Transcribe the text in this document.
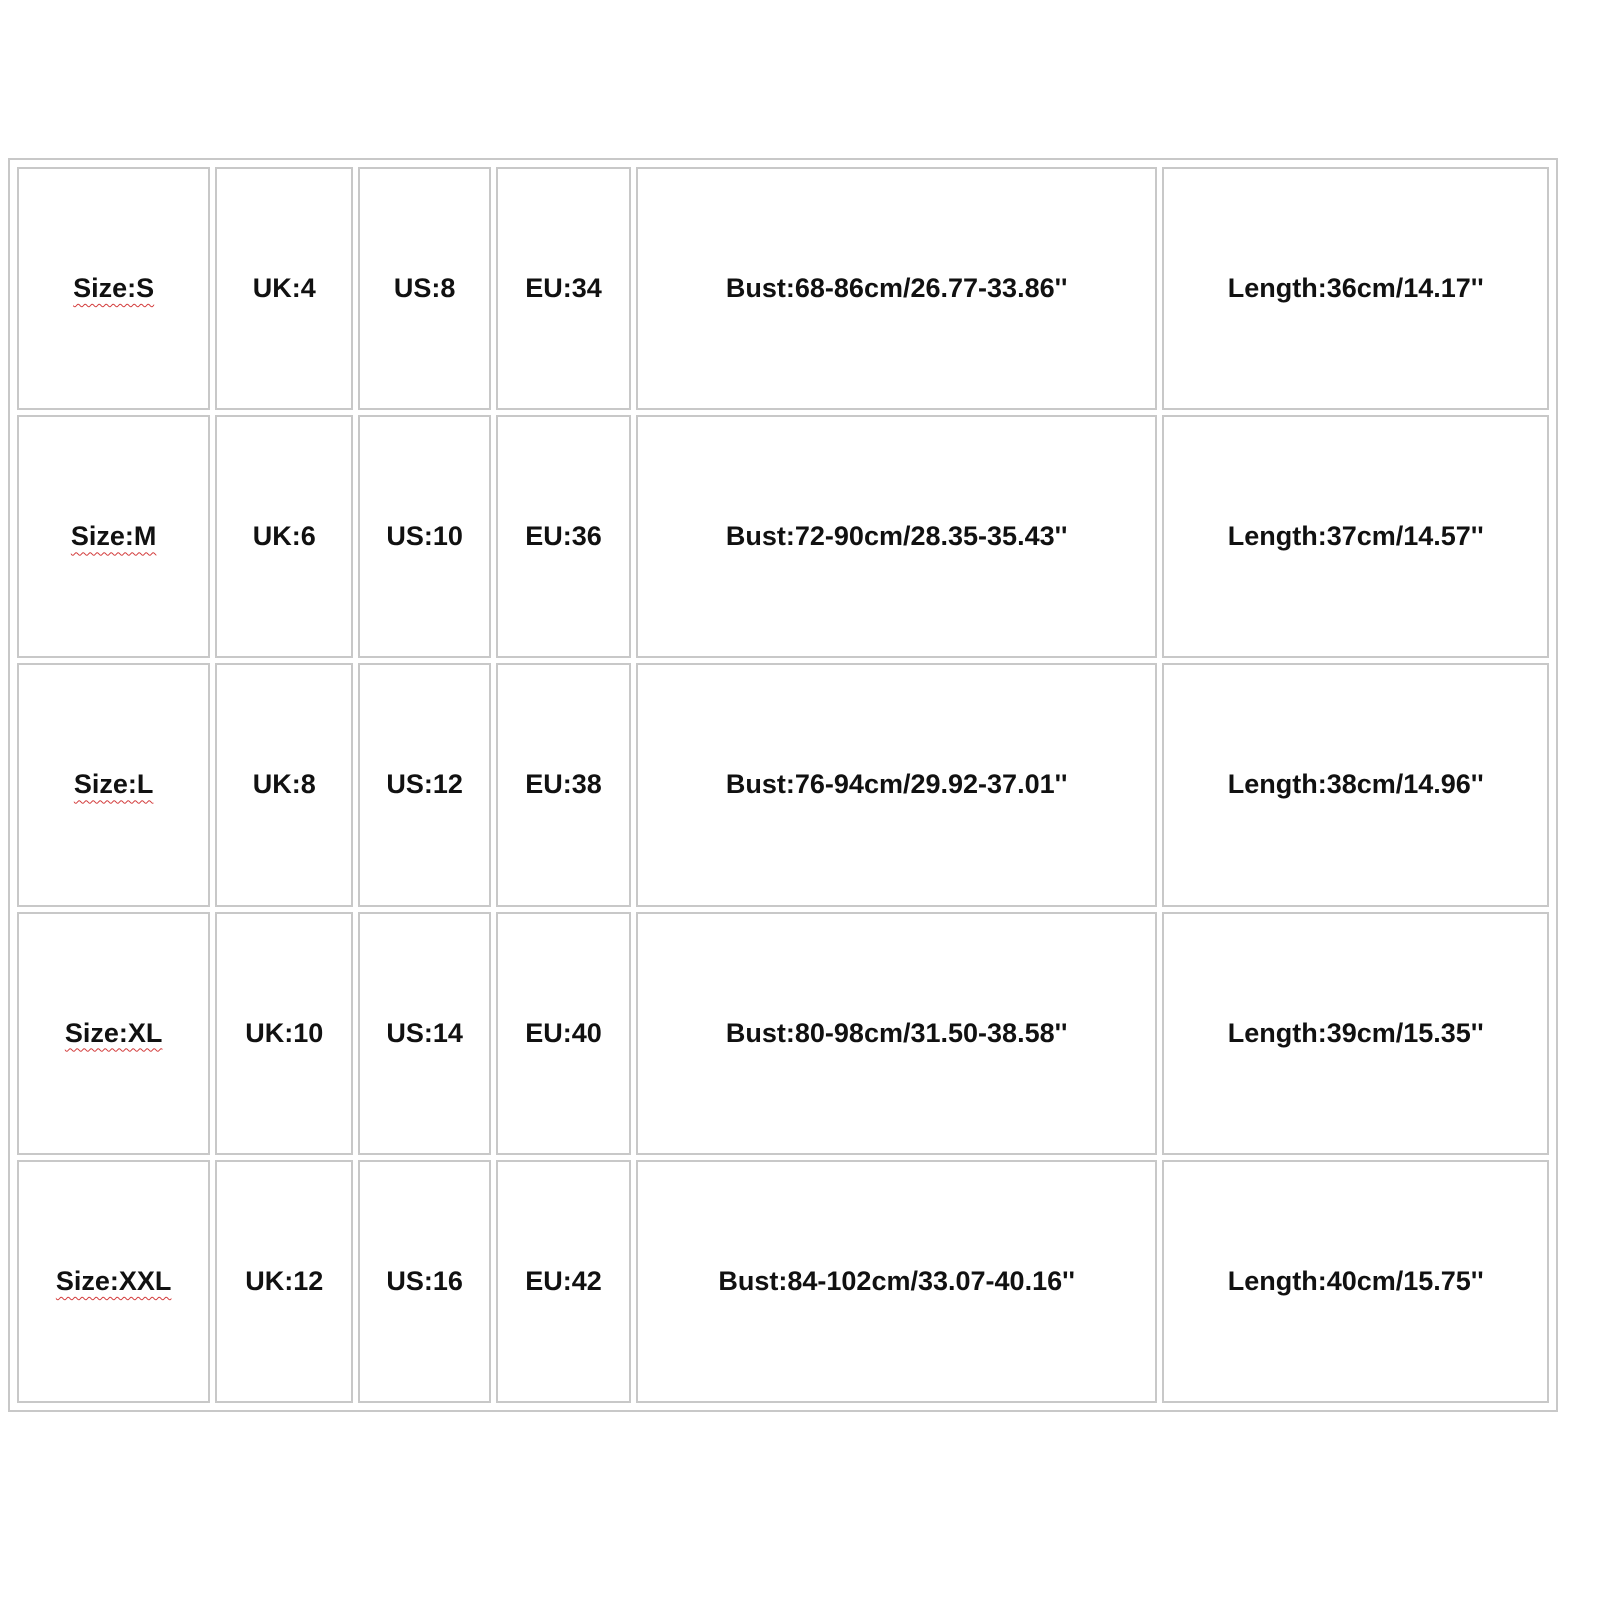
Size:S	UK:4	US:8	EU:34	Bust:68-86cm/26.77-33.86''	Length:36cm/14.17''
Size:M	UK:6	US:10	EU:36	Bust:72-90cm/28.35-35.43''	Length:37cm/14.57''
Size:L	UK:8	US:12	EU:38	Bust:76-94cm/29.92-37.01''	Length:38cm/14.96''
Size:XL	UK:10	US:14	EU:40	Bust:80-98cm/31.50-38.58''	Length:39cm/15.35''
Size:XXL	UK:12	US:16	EU:42	Bust:84-102cm/33.07-40.16''	Length:40cm/15.75''
